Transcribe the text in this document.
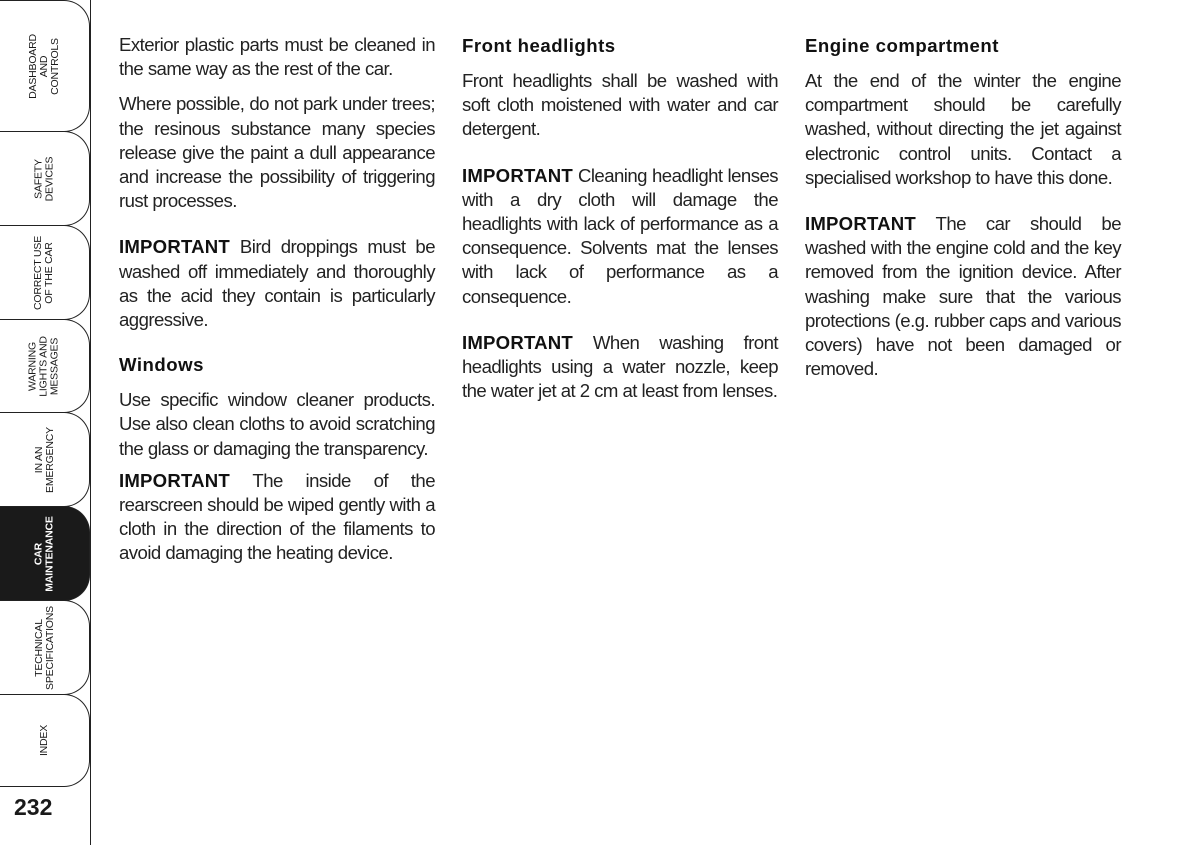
DASHBOARD
AND
CONTROLS
SAFETY
DEVICES
CORRECT USE
OF THE CAR
WARNING
LIGHTS AND
MESSAGES
IN AN
EMERGENCY
CAR
MAINTENANCE
TECHNICAL
SPECIFICATIONS
INDEX
232

Exterior plastic parts must be cleaned in the same way as the rest of the car.

Where possible, do not park under trees; the resinous substance many species release give the paint a dull appearance and increase the possibility of triggering rust processes.

IMPORTANT Bird droppings must be washed off immediately and thoroughly as the acid they contain is particularly aggressive.

Windows

Use specific window cleaner products. Use also clean cloths to avoid scratching the glass or damaging the transparency.

IMPORTANT The inside of the rearscreen should be wiped gently with a cloth in the direction of the filaments to avoid damaging the heating device.

Front headlights

Front headlights shall be washed with soft cloth moistened with water and car detergent.

IMPORTANT Cleaning headlight lenses with a dry cloth will damage the headlights with lack of performance as a consequence. Solvents mat the lenses with lack of performance as a consequence.

IMPORTANT When washing front headlights using a water nozzle, keep the water jet at 2 cm at least from lenses.

Engine compartment

At the end of the winter the engine compartment should be carefully washed, without directing the jet against electronic control units. Contact a specialised workshop to have this done.

IMPORTANT The car should be washed with the engine cold and the key removed from the ignition device. After washing make sure that the various protections (e.g. rubber caps and various covers) have not been damaged or removed.
